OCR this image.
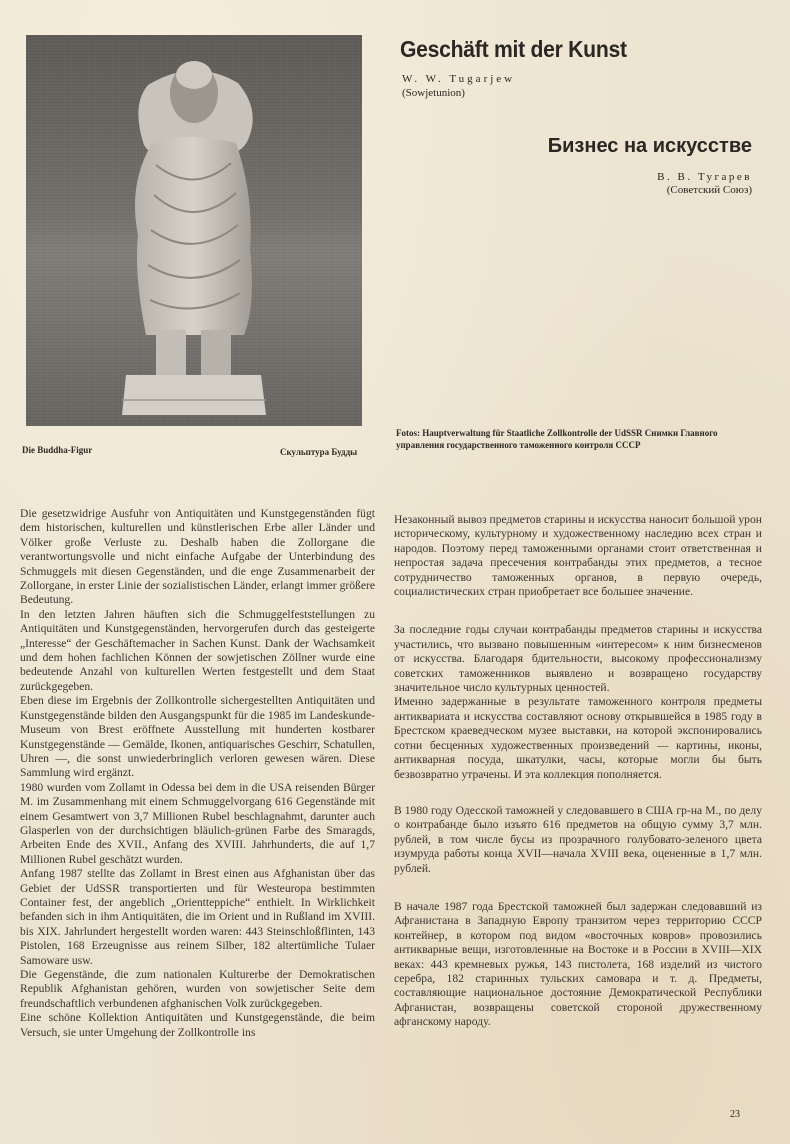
Geschäft mit der Kunst
W. W. Tugarjew
(Sowjetunion)
Бизнес на искусстве
В. В. Тугарев
(Советский Союз)
Die Buddha-Figur	Скульптура Будды
Fotos: Hauptverwaltung für Staatliche Zollkontrolle der UdSSR Снимки Главного управления государственного таможенного контроля СССР

Die gesetzwidrige Ausfuhr von Antiquitäten und Kunstgegenständen fügt dem historischen, kulturellen und künstlerischen Erbe aller Länder und Völker große Verluste zu. Deshalb haben die Zollorgane die verantwortungsvolle und nicht einfache Aufgabe der Unterbindung des Schmuggels mit diesen Gegenständen, und die enge Zusammenarbeit der Zollorgane, in erster Linie der sozialistischen Länder, erlangt immer größere Bedeutung.

In den letzten Jahren häuften sich die Schmuggelfeststellungen zu Antiquitäten und Kunstgegenständen, hervorgerufen durch das gesteigerte „Interesse“ der Geschäftemacher in Sachen Kunst. Dank der Wachsamkeit und dem hohen fachlichen Können der sowjetischen Zöllner wurde eine bedeutende Anzahl von kulturellen Werten festgestellt und dem Staat zurückgegeben.

Eben diese im Ergebnis der Zollkontrolle sichergestellten Antiquitäten und Kunstgegenstände bilden den Ausgangspunkt für die 1985 im Landeskunde-Museum von Brest eröffnete Ausstellung mit hunderten kostbarer Kunstgegenstände — Gemälde, Ikonen, antiquarisches Geschirr, Schatullen, Uhren —, die sonst unwiederbringlich verloren gewesen wären. Diese Sammlung wird ergänzt.

1980 wurden vom Zollamt in Odessa bei dem in die USA reisenden Bürger M. im Zusammenhang mit einem Schmuggelvorgang 616 Gegenstände mit einem Gesamtwert von 3,7 Millionen Rubel beschlagnahmt, darunter auch Glasperlen von der durchsichtigen bläulich-grünen Farbe des Smaragds, Arbeiten Ende des XVII., Anfang des XVIII. Jahrhunderts, die auf 1,7 Millionen Rubel geschätzt wurden.

Anfang 1987 stellte das Zollamt in Brest einen aus Afghanistan über das Gebiet der UdSSR transportierten und für Westeuropa bestimmten Container fest, der angeblich „Orientteppiche“ enthielt. In Wirklichkeit befanden sich in ihm Antiquitäten, die im Orient und in Rußland im XVIII. bis XIX. Jahrlundert hergestellt worden waren: 443 Steinschloßflinten, 143 Pistolen, 168 Erzeugnisse aus reinem Silber, 182 altertümliche Tulaer Samoware usw.

Die Gegenstände, die zum nationalen Kulturerbe der Demokratischen Republik Afghanistan gehören, wurden von sowjetischer Seite dem freundschaftlich verbundenen afghanischen Volk zurückgegeben.

Eine schöne Kollektion Antiquitäten und Kunstgegenstände, die beim Versuch, sie unter Umgehung der Zollkontrolle ins

Незаконный вывоз предметов старины и искусства наносит большой урон историческому, культурному и художественному наследию всех стран и народов. Поэтому перед таможенными органами стоит ответственная и непростая задача пресечения контрабанды этих предметов, а тесное сотрудничество таможенных органов, в первую очередь, социалистических стран приобретает все большее значение.

За последние годы случаи контрабанды предметов старины и искусства участились, что вызвано повышенным «интересом» к ним бизнесменов от искусства. Благодаря бдительности, высокому профессионализму советских таможенников выявлено и возвращено государству значительное число культурных ценностей.

Именно задержанные в результате таможенного контроля предметы антиквариата и искусства составляют основу открывшейся в 1985 году в Брестском краеведческом музее выставки, на которой экспонировались сотни бесценных художественных произведений — картины, иконы, антикварная посуда, шкатулки, часы, которые могли бы быть безвозвратно утрачены. И эта коллекция пополняется.

В 1980 году Одесской таможней у следовавшего в США гр-на М., по делу о контрабанде было изъято 616 предметов на общую сумму 3,7 млн. рублей, в том числе бусы из прозрачного голубовато-зеленого цвета изумруда работы конца XVII—начала XVIII века, оцененные в 1,7 млн. рублей.

В начале 1987 года Брестской таможней был задержан следовавший из Афганистана в Западную Европу транзитом через территорию СССР контейнер, в котором под видом «восточных ковров» провозились антикварные вещи, изготовленные на Востоке и в России в XVIII—XIX веках: 443 кремневых ружья, 143 пистолета, 168 изделий из чистого серебра, 182 старинных тульских самовара и т. д. Предметы, составляющие национальное достояние Демократической Республики Афганистан, возвращены советской стороной дружественному афганскому народу.

23
